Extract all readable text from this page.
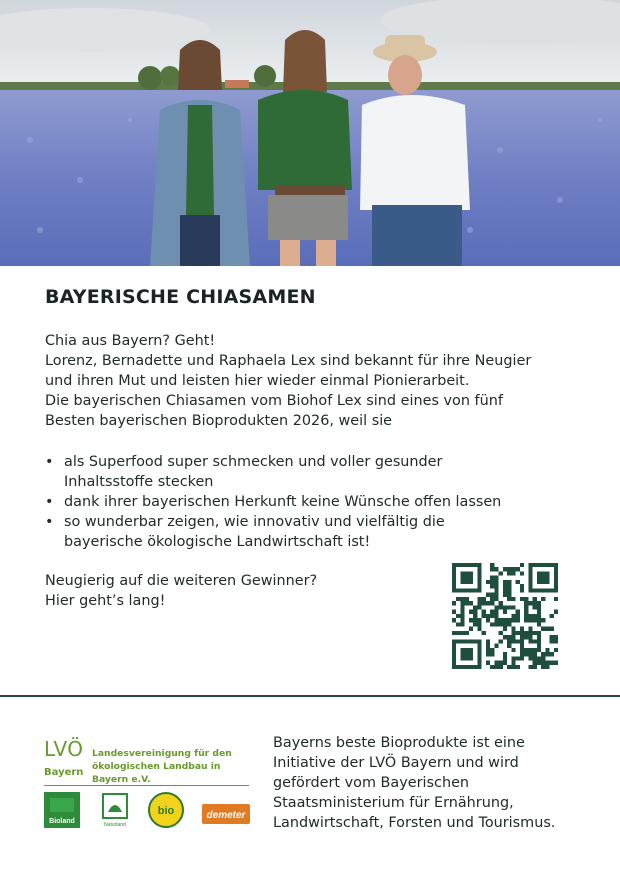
BAYERISCHE CHIASAMEN

Chia aus Bayern? Geht!

Lorenz, Bernadette und Raphaela Lex sind bekannt für ihre Neugier

und ihren Mut und leisten hier wieder einmal Pionierarbeit.

Die bayerischen Chiasamen vom Biohof Lex sind eines von fünf

Besten bayerischen Bioprodukten 2026, weil sie

• als Superfood super schmecken und voller gesunder
Inhaltsstoffe stecken
• dank ihrer bayerischen Herkunft keine Wünsche offen lassen
• so wunderbar zeigen, wie innovativ und vielfältig die
bayerische ökologische Landwirtschaft ist!

Neugierig auf die weiteren Gewinner?

Hier geht’s lang!

LVÖ
Bayern
Landesvereinigung für den
ökologischen Landbau in Bayern e.V.
Bioland	Naturland
bio	demeter
Bayerns beste Bioprodukte ist eine
Initiative der LVÖ Bayern und wird
gefördert vom Bayerischen
Staatsministerium für Ernährung,
Landwirtschaft, Forsten und Tourismus.
